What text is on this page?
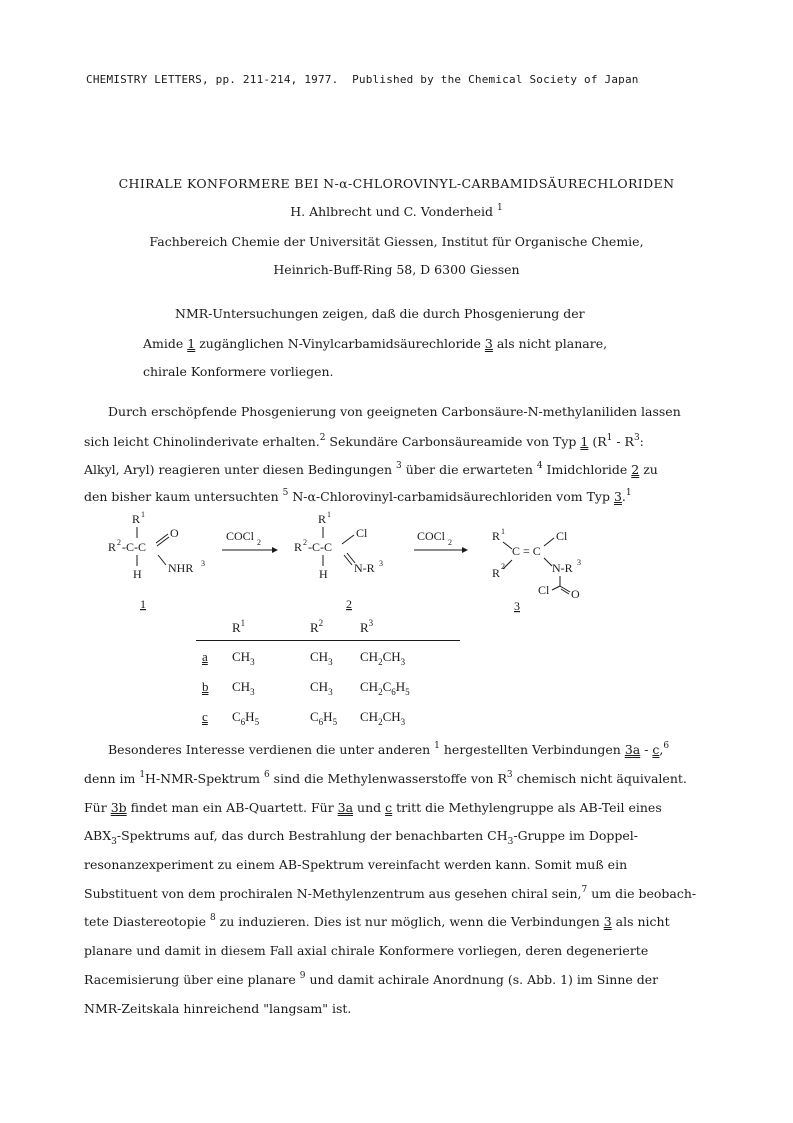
CHEMISTRY LETTERS, pp. 211-214, 1977.  Published by the Chemical Society of Japan
CHIRALE KONFORMERE BEI N-α-CHLOROVINYL-CARBAMIDSÄURECHLORIDEN
H. Ahlbrecht und C. Vonderheid $^1$
Fachbereich Chemie der Universität Giessen, Institut für Organische Chemie,
Heinrich-Buff-Ring 58, D 6300 Giessen
NMR-Untersuchungen zeigen, daß die durch Phosgenierung der
Amide 1 zugänglichen N-Vinylcarbamidsäurechloride 3 als nicht planare,
chirale Konformere vorliegen.
Durch erschöpfende Phosgenierung von geeigneten Carbonsäure-N-methylaniliden lassen
sich leicht Chinolinderivate erhalten.$^2$ Sekundäre Carbonsäureamide von Typ 1 ($R^1 - R^3$:
Alkyl, Aryl) reagieren unter diesen Bedingungen $^3$ über die erwarteten $^4$ Imidchloride 2 zu
den bisher kaum untersuchten $^5$ N-α-Chlorovinyl-carbamidsäurechloriden vom Typ 3.$^1$
R 1
R 2 -C-C
O
NHR 3
H
1
COCl 2
R 1
R 2 -C-C
Cl
N-R 3
H
2
COCl 2	R 1
C = C
Cl
R 2	N-R 3
Cl O
3
	$R^1$	$R^2$	$R^3$
a	$CH_3$	$CH_3$	$CH_2CH_3$
b	$CH_3$	$CH_3$	$CH_2C_6H_5$
c	$C_6H_5$	$C_6H_5$	$CH_2CH_3$
Besonderes Interesse verdienen die unter anderen $^1$ hergestellten Verbindungen 3a - c,$^6$
denn im $^1$H-NMR-Spektrum $^6$ sind die Methylenwasserstoffe von $R^3$ chemisch nicht äquivalent.
Für 3b findet man ein AB-Quartett. Für 3a und c tritt die Methylengruppe als AB-Teil eines
$ABX_3$-Spektrums auf, das durch Bestrahlung der benachbarten $CH_3$-Gruppe im Doppel-
resonanzexperiment zu einem AB-Spektrum vereinfacht werden kann. Somit muß ein
Substituent von dem prochiralen N-Methylenzentrum aus gesehen chiral sein,$^7$ um die beobach-
tete Diastereotopie $^8$ zu induzieren. Dies ist nur möglich, wenn die Verbindungen 3 als nicht
planare und damit in diesem Fall axial chirale Konformere vorliegen, deren degenerierte
Racemisierung über eine planare $^9$ und damit achirale Anordnung (s. Abb. 1) im Sinne der
NMR-Zeitskala hinreichend "langsam" ist.
